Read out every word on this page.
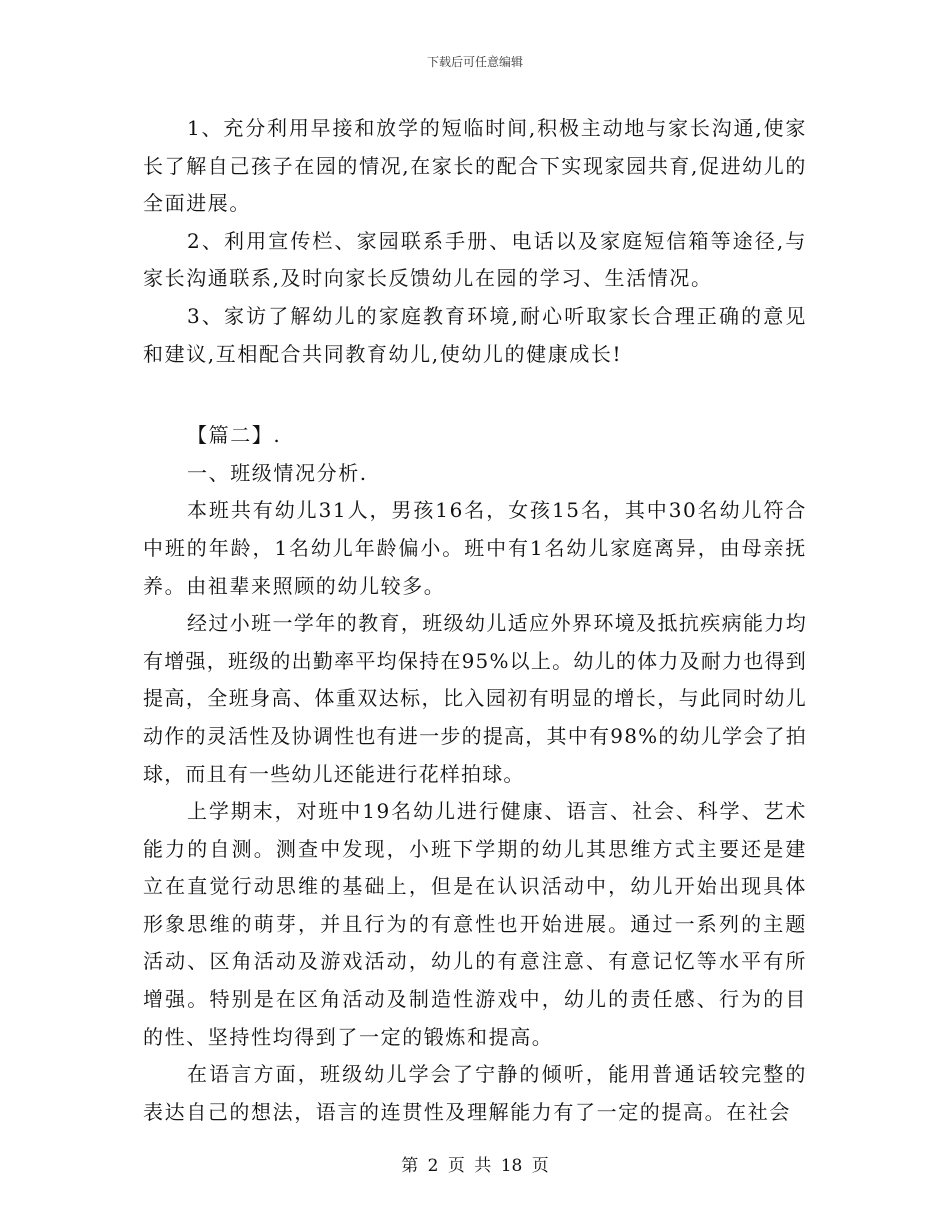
下载后可任意编辑

1、充分利用早接和放学的短临时间,积极主动地与家长沟通,使家长了解自己孩子在园的情况,在家长的配合下实现家园共育,促进幼儿的全面进展。

2、利用宣传栏、家园联系手册、电话以及家庭短信箱等途径,与家长沟通联系,及时向家长反馈幼儿在园的学习、生活情况。

3、家访了解幼儿的家庭教育环境,耐心听取家长合理正确的意见和建议,互相配合共同教育幼儿,使幼儿的健康成长!

【篇二】.

一、班级情况分析.

本班共有幼儿31人，男孩16名，女孩15名，其中30名幼儿符合中班的年龄，1名幼儿年龄偏小。班中有1名幼儿家庭离异，由母亲抚养。由祖辈来照顾的幼儿较多。

经过小班一学年的教育，班级幼儿适应外界环境及抵抗疾病能力均有增强，班级的出勤率平均保持在95%以上。幼儿的体力及耐力也得到提高，全班身高、体重双达标，比入园初有明显的增长，与此同时幼儿动作的灵活性及协调性也有进一步的提高，其中有98%的幼儿学会了拍球，而且有一些幼儿还能进行花样拍球。

上学期末，对班中19名幼儿进行健康、语言、社会、科学、艺术能力的自测。测查中发现，小班下学期的幼儿其思维方式主要还是建立在直觉行动思维的基础上，但是在认识活动中，幼儿开始出现具体形象思维的萌芽，并且行为的有意性也开始进展。通过一系列的主题活动、区角活动及游戏活动，幼儿的有意注意、有意记忆等水平有所增强。特别是在区角活动及制造性游戏中，幼儿的责任感、行为的目的性、坚持性均得到了一定的锻炼和提高。

在语言方面，班级幼儿学会了宁静的倾听，能用普通话较完整的表达自己的想法，语言的连贯性及理解能力有了一定的提高。在社会

第 2 页 共 18 页
